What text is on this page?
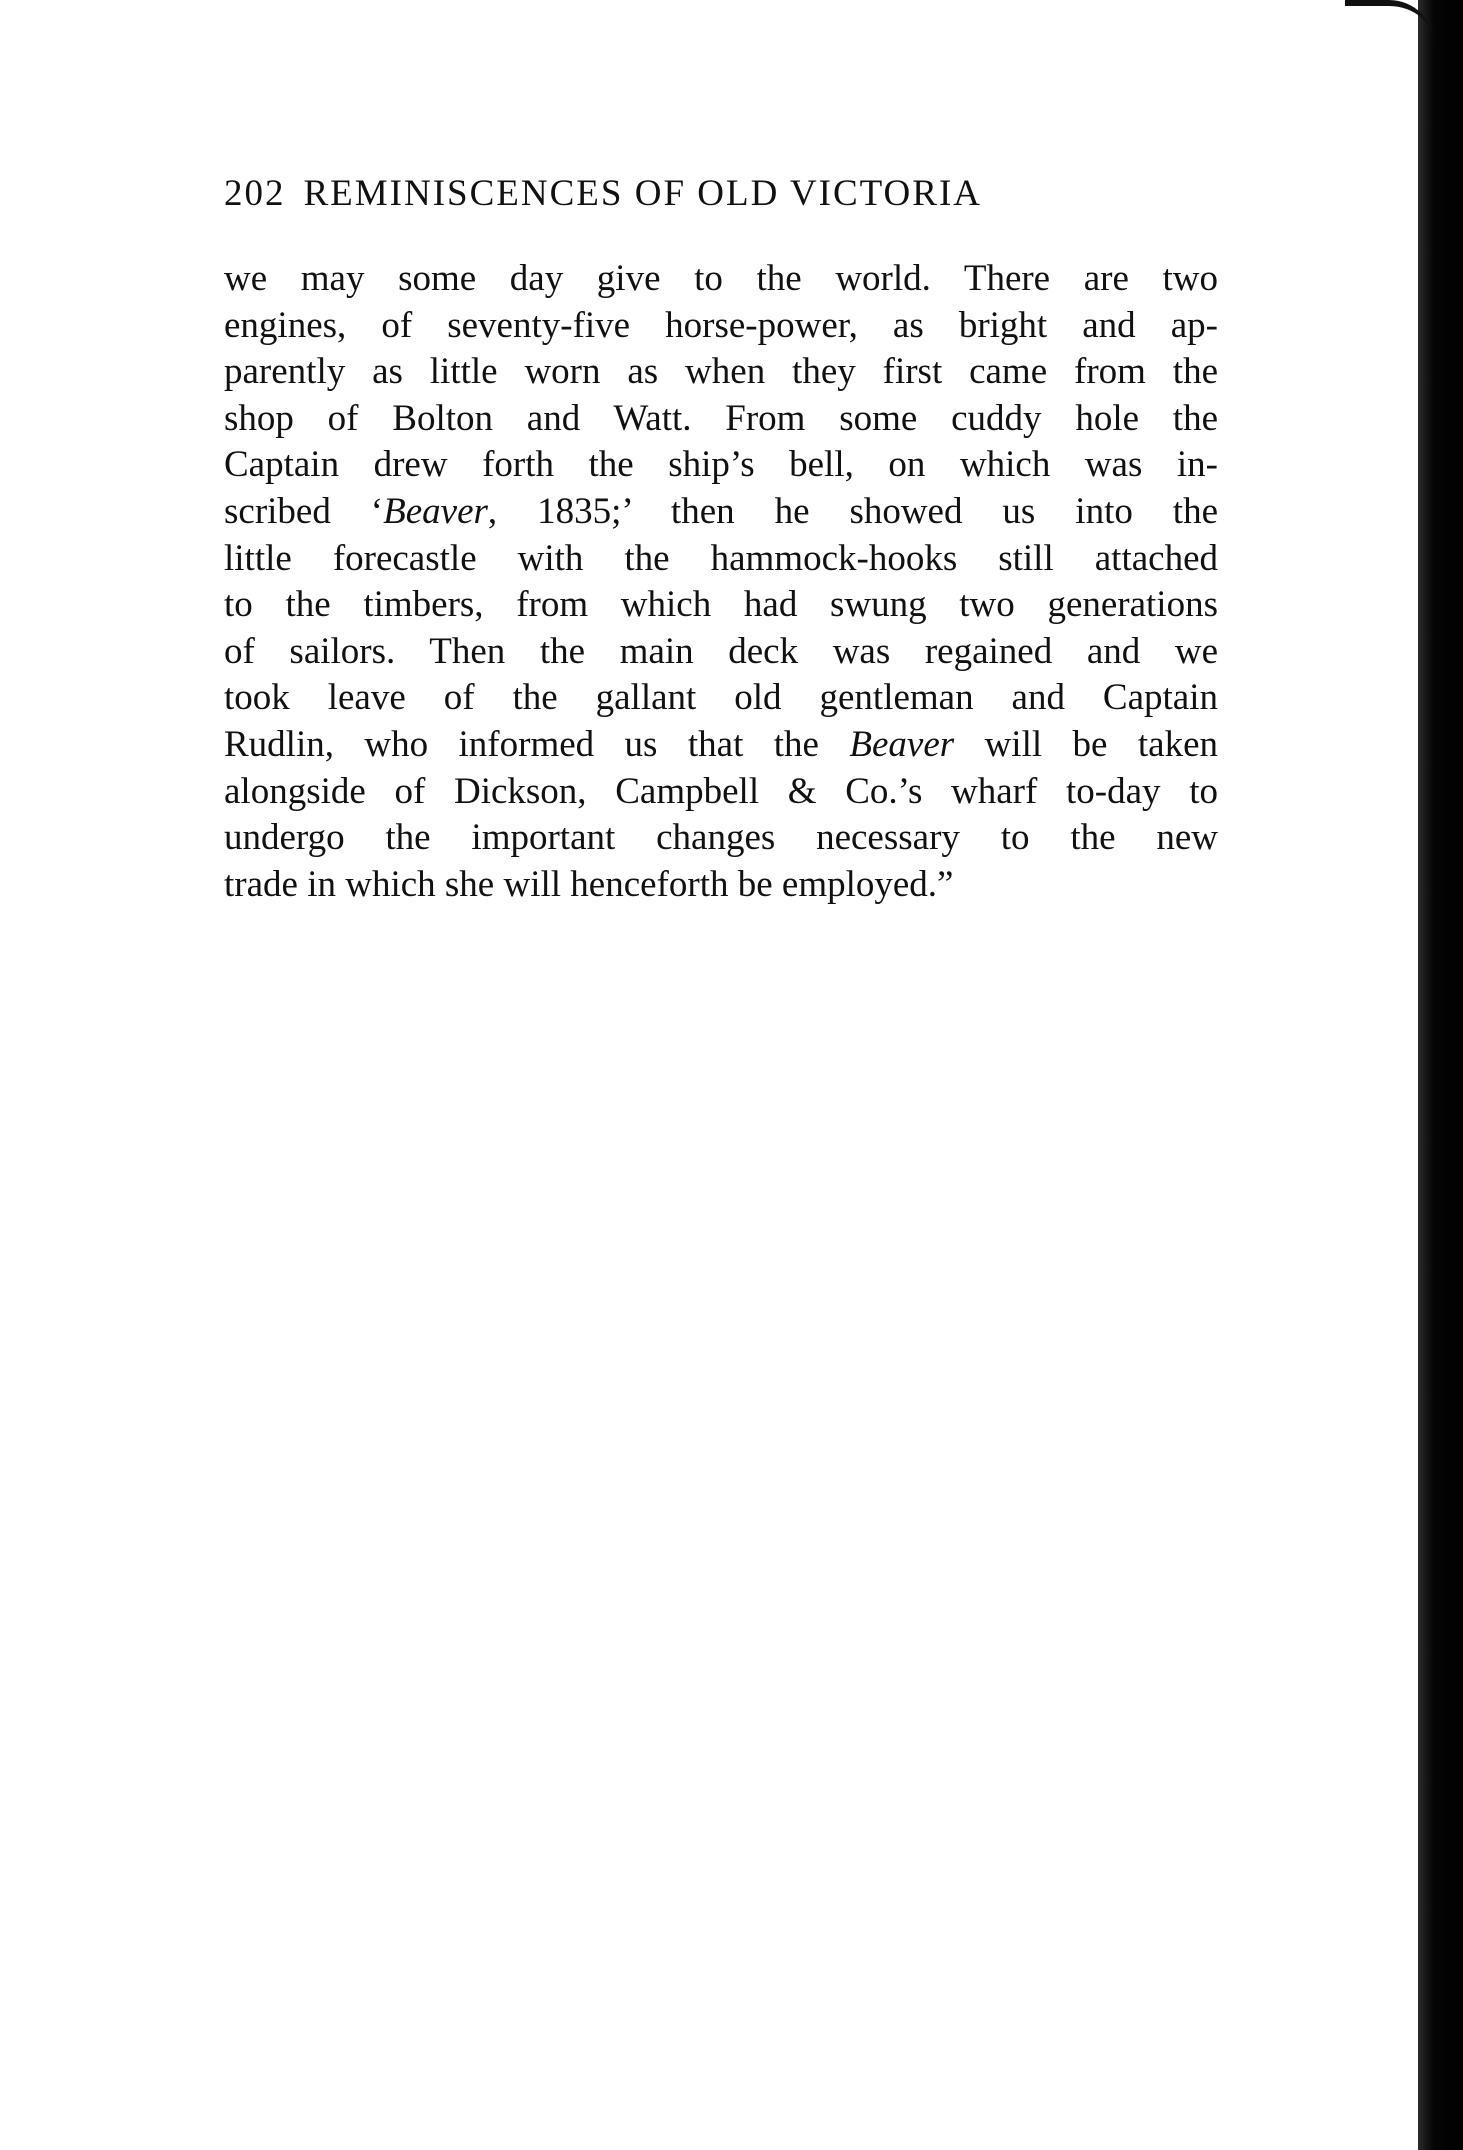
202 REMINISCENCES OF OLD VICTORIA

we may some day give to the world. There are two
engines, of seventy-five horse-power, as bright and ap-
parently as little worn as when they first came from the
shop of Bolton and Watt. From some cuddy hole the
Captain drew forth the ship’s bell, on which was in-
scribed ‘Beaver, 1835;’ then he showed us into the
little forecastle with the hammock-hooks still attached
to the timbers, from which had swung two generations
of sailors. Then the main deck was regained and we
took leave of the gallant old gentleman and Captain
Rudlin, who informed us that the Beaver will be taken
alongside of Dickson, Campbell & Co.’s wharf to-day to
undergo the important changes necessary to the new
trade in which she will henceforth be employed.”
